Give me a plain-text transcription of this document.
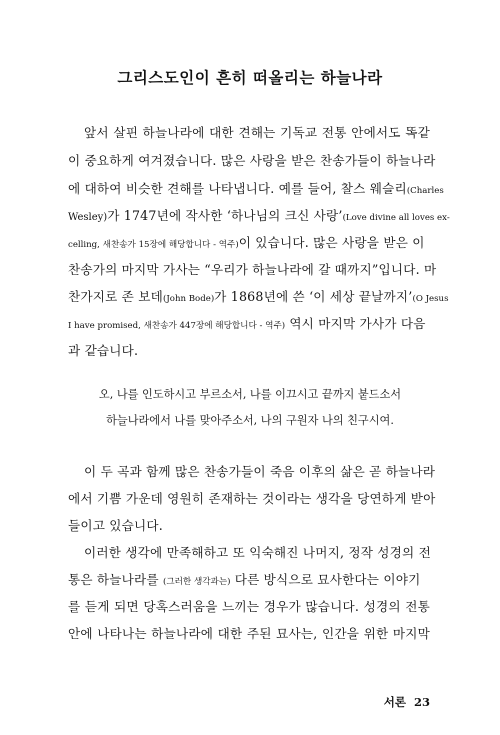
그리스도인이 흔히 떠올리는 하늘나라
앞서 살핀 하늘나라에 대한 견해는 기독교 전통 안에서도 똑같
이 중요하게 여겨졌습니다. 많은 사랑을 받은 찬송가들이 하늘나라
에 대하여 비슷한 견해를 나타냅니다. 예를 들어, 찰스 웨슬리(Charles
Wesley)가 1747년에 작사한 ‘하나님의 크신 사랑’(Love divine all loves ex-
celling, 새찬송가 15장에 해당합니다 - 역주)이 있습니다. 많은 사랑을 받은 이
찬송가의 마지막 가사는 “우리가 하늘나라에 갈 때까지”입니다. 마
찬가지로 존 보데(John Bode)가 1868년에 쓴 ‘이 세상 끝날까지’(O Jesus
I have promised, 새찬송가 447장에 해당합니다 - 역주) 역시 마지막 가사가 다음
과 같습니다.
오, 나를 인도하시고 부르소서, 나를 이끄시고 끝까지 붙드소서
하늘나라에서 나를 맞아주소서, 나의 구원자 나의 친구시여.
이 두 곡과 함께 많은 찬송가들이 죽음 이후의 삶은 곧 하늘나라
에서 기쁨 가운데 영원히 존재하는 것이라는 생각을 당연하게 받아
들이고 있습니다.
이러한 생각에 만족해하고 또 익숙해진 나머지, 정작 성경의 전
통은 하늘나라를 (그러한 생각과는) 다른 방식으로 묘사한다는 이야기
를 듣게 되면 당혹스러움을 느끼는 경우가 많습니다. 성경의 전통
안에 나타나는 하늘나라에 대한 주된 묘사는, 인간을 위한 마지막
서론 23
